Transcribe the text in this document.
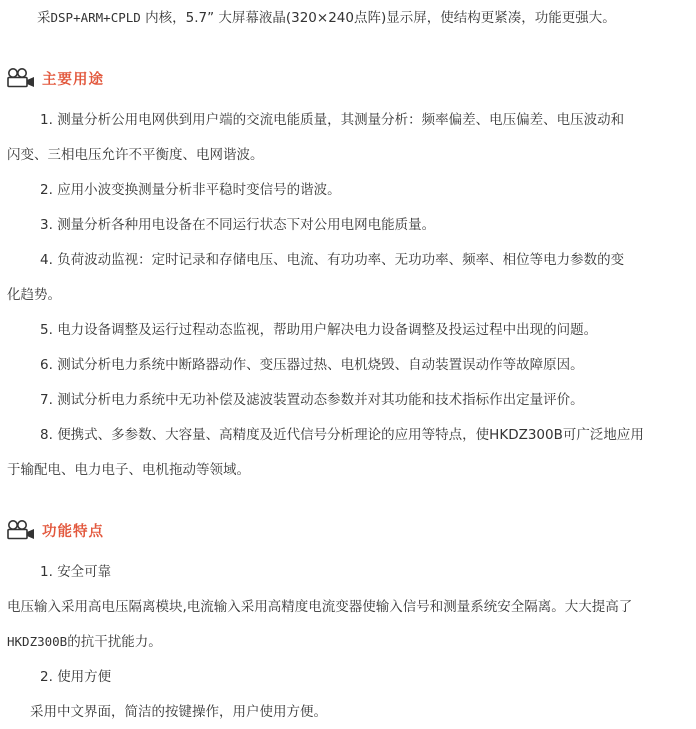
采DSP+ARM+CPLD 内核，5.7” 大屏幕液晶(320×240点阵)显示屏，使结构更紧凑，功能更强大。
主要用途
1. 测量分析公用电网供到用户端的交流电能质量，其测量分析：频率偏差、电压偏差、电压波动和
闪变、三相电压允许不平衡度、电网谐波。
2. 应用小波变换测量分析非平稳时变信号的谐波。
3. 测量分析各种用电设备在不同运行状态下对公用电网电能质量。
4. 负荷波动监视：定时记录和存储电压、电流、有功功率、无功功率、频率、相位等电力参数的变
化趋势。
5. 电力设备调整及运行过程动态监视，帮助用户解决电力设备调整及投运过程中出现的问题。
6. 测试分析电力系统中断路器动作、变压器过热、电机烧毁、自动装置误动作等故障原因。
7. 测试分析电力系统中无功补偿及滤波装置动态参数并对其功能和技术指标作出定量评价。
8. 便携式、多参数、大容量、高精度及近代信号分析理论的应用等特点，使HKDZ300B可广泛地应用
于输配电、电力电子、电机拖动等领域。
功能特点
1. 安全可靠
电压输入采用高电压隔离模块,电流输入采用高精度电流变器使输入信号和测量系统安全隔离。大大提高了
HKDZ300B的抗干扰能力。
2. 使用方便
采用中文界面，简洁的按键操作，用户使用方便。
